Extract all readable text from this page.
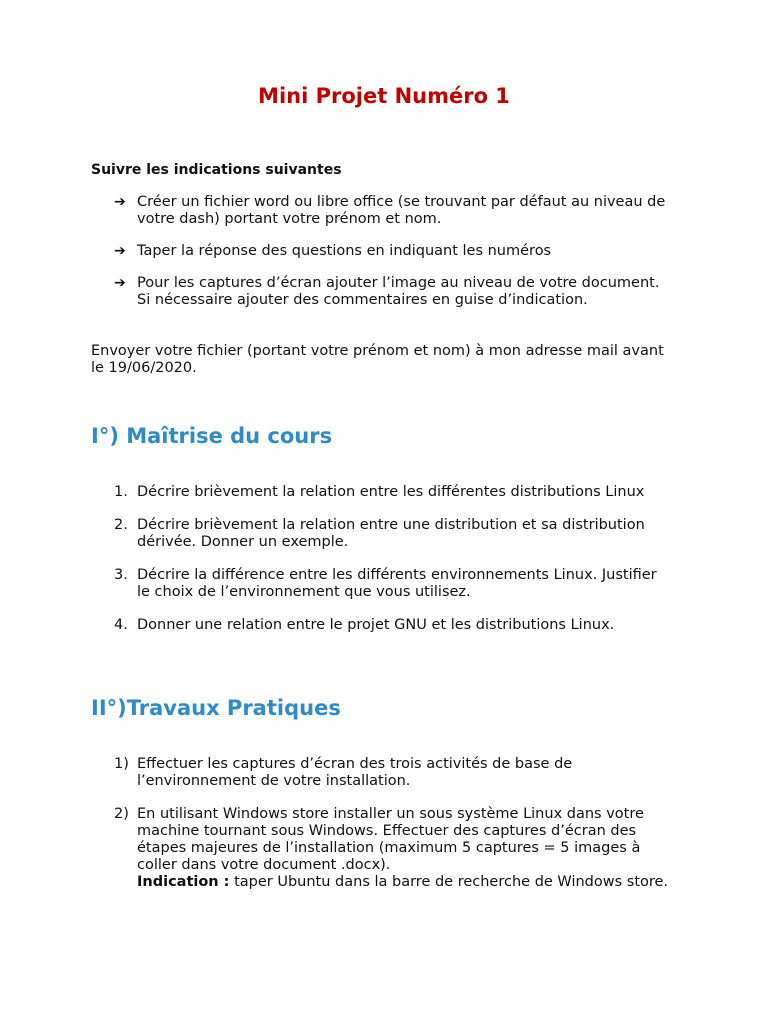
Mini Projet Numéro 1

Suivre les indications suivantes

➔ Créer un fichier word ou libre office (se trouvant par défaut au niveau de votre dash) portant votre prénom et nom.
➔ Taper la réponse des questions en indiquant les numéros
➔ Pour les captures d’écran ajouter l’image au niveau de votre document. Si nécessaire ajouter des commentaires en guise d’indication.

Envoyer votre fichier (portant votre prénom et nom) à mon adresse mail avant le 19/06/2020.

I°) Maîtrise du cours
1. Décrire brièvement la relation entre les différentes distributions Linux
2. Décrire brièvement la relation entre une distribution et sa distribution dérivée. Donner un exemple.
3. Décrire la différence entre les différents environnements Linux. Justifier le choix de l’environnement que vous utilisez.
4. Donner une relation entre le projet GNU et les distributions Linux.
II°)Travaux Pratiques
1) Effectuer les captures d’écran des trois activités de base de l’environnement de votre installation.
2) En utilisant Windows store installer un sous système Linux dans votre machine tournant sous Windows. Effectuer des captures d’écran des étapes majeures de l’installation (maximum 5 captures = 5 images à coller dans votre document .docx).
Indication : taper Ubuntu dans la barre de recherche de Windows store.
